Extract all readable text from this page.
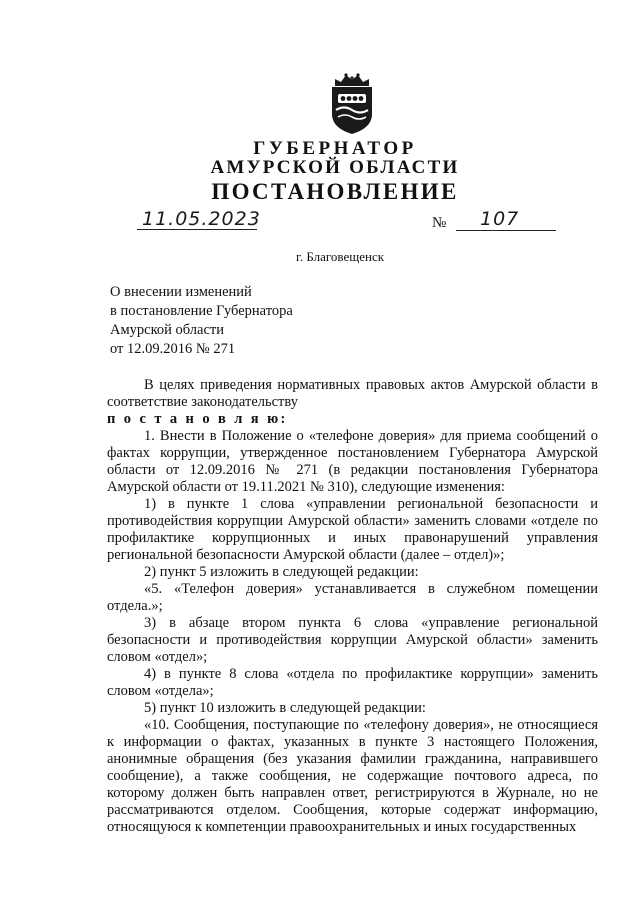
ГУБЕРНАТОР
АМУРСКОЙ ОБЛАСТИ
ПОСТАНОВЛЕНИЕ
11.05.2023	№ 107
г. Благовещенск
О внесении изменений
в постановление Губернатора
Амурской области
от 12.09.2016 № 271

В целях приведения нормативных правовых актов Амурской области в соответствие законодательству

п о с т а н о в л я ю:

1. Внести в Положение о «телефоне доверия» для приема сообщений о фактах коррупции, утвержденное постановлением Губернатора Амурской области от 12.09.2016 № 271 (в редакции постановления Губернатора Амурской области от 19.11.2021 № 310), следующие изменения:

1) в пункте 1 слова «управлении региональной безопасности и противодействия коррупции Амурской области» заменить словами «отделе по профилактике коррупционных и иных правонарушений управления региональной безопасности Амурской области (далее – отдел)»;

2) пункт 5 изложить в следующей редакции:

«5. «Телефон доверия» устанавливается в служебном помещении отдела.»;

3) в абзаце втором пункта 6 слова «управление региональной безопасности и противодействия коррупции Амурской области» заменить словом «отдел»;

4) в пункте 8 слова «отдела по профилактике коррупции» заменить словом «отдела»;

5) пункт 10 изложить в следующей редакции:

«10. Сообщения, поступающие по «телефону доверия», не относящиеся к информации о фактах, указанных в пункте 3 настоящего Положения, анонимные обращения (без указания фамилии гражданина, направившего сообщение), а также сообщения, не содержащие почтового адреса, по которому должен быть направлен ответ, регистрируются в Журнале, но не рассматриваются отделом. Сообщения, которые содержат информацию, относящуюся к компетенции правоохранительных и иных государственных
